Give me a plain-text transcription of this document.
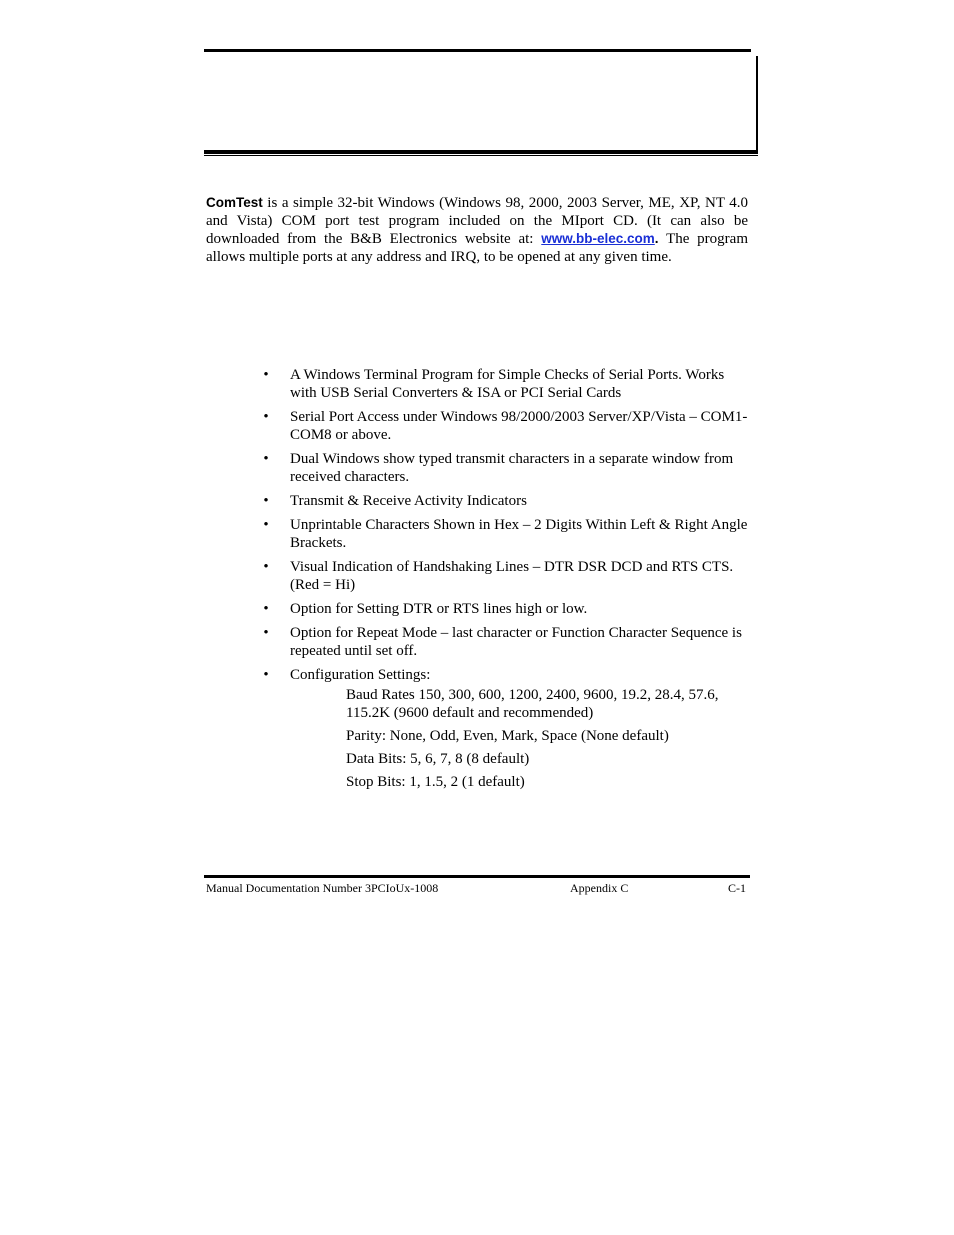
ComTest is a simple 32-bit Windows (Windows 98, 2000, 2003 Server, ME, XP, NT 4.0 and Vista) COM port test program included on the MIport CD. (It can also be downloaded from the B&B Electronics website at: www.bb-elec.com. The program allows multiple ports at any address and IRQ, to be opened at any given time.

• A Windows Terminal Program for Simple Checks of Serial Ports. Works with USB Serial Converters & ISA or PCI Serial Cards
• Serial Port Access under Windows 98/2000/2003 Server/XP/Vista – COM1-COM8 or above.
• Dual Windows show typed transmit characters in a separate window from received characters.
• Transmit & Receive Activity Indicators
• Unprintable Characters Shown in Hex – 2 Digits Within Left & Right Angle Brackets.
• Visual Indication of Handshaking Lines – DTR DSR DCD and RTS CTS. (Red = Hi)
• Option for Setting DTR or RTS lines high or low.
• Option for Repeat Mode – last character or Function Character Sequence is repeated until set off.
• Configuration Settings:
Baud Rates 150, 300, 600, 1200, 2400, 9600, 19.2, 28.4, 57.6, 115.2K (9600 default and recommended)
Parity: None, Odd, Even, Mark, Space (None default)
Data Bits: 5, 6, 7, 8 (8 default)
Stop Bits: 1, 1.5, 2 (1 default)
Manual Documentation Number 3PCIoUx-1008	Appendix C	C-1
